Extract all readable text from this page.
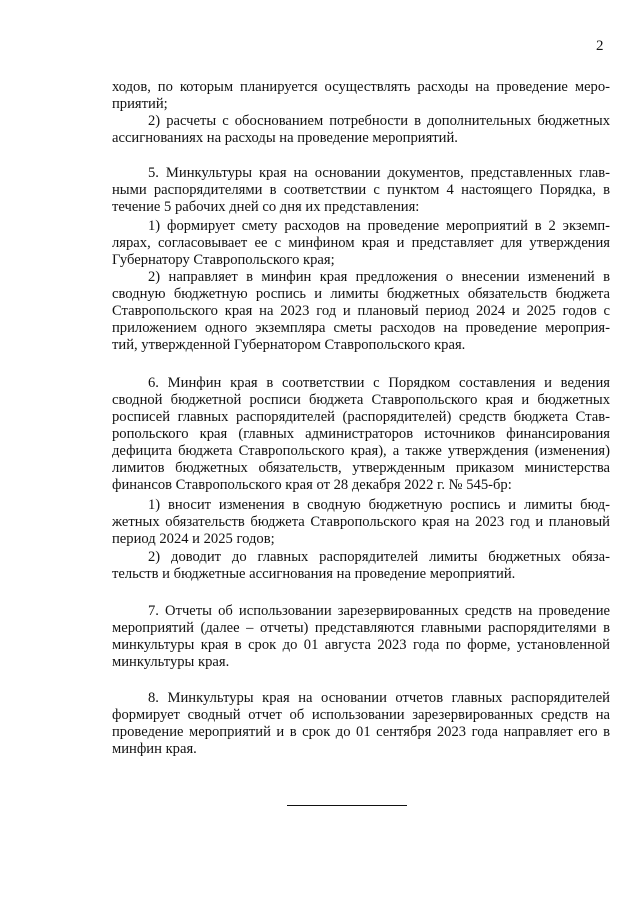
2
ходов, по которым планируется осуществлять расходы на проведение меро-
приятий;
2) расчеты с обоснованием потребности в дополнительных бюджетных
ассигнованиях на расходы на проведение мероприятий.
5. Минкультуры края на основании документов, представленных глав-
ными распорядителями в соответствии с пунктом 4 настоящего Порядка, в
течение 5 рабочих дней со дня их представления:
1) формирует смету расходов на проведение мероприятий в 2 экземп-
лярах, согласовывает ее с минфином края и представляет для утверждения
Губернатору Ставропольского края;
2) направляет в минфин края предложения о внесении изменений в
сводную бюджетную роспись и лимиты бюджетных обязательств бюджета
Ставропольского края на 2023 год и плановый период 2024 и 2025 годов с
приложением одного экземпляра сметы расходов на проведение мероприя-
тий, утвержденной Губернатором Ставропольского края.
6. Минфин края в соответствии с Порядком составления и ведения
сводной бюджетной росписи бюджета Ставропольского края и бюджетных
росписей главных распорядителей (распорядителей) средств бюджета Став-
ропольского края (главных администраторов источников финансирования
дефицита бюджета Ставропольского края), а также утверждения (изменения)
лимитов бюджетных обязательств, утвержденным приказом министерства
финансов Ставропольского края от 28 декабря 2022 г. № 545-бр:
1) вносит изменения в сводную бюджетную роспись и лимиты бюд-
жетных обязательств бюджета Ставропольского края на 2023 год и плановый
период 2024 и 2025 годов;
2) доводит до главных распорядителей лимиты бюджетных обяза-
тельств и бюджетные ассигнования на проведение мероприятий.
7. Отчеты об использовании зарезервированных средств на проведение
мероприятий (далее – отчеты) представляются главными распорядителями в
минкультуры края в срок до 01 августа 2023 года по форме, установленной
минкультуры края.
8. Минкультуры края на основании отчетов главных распорядителей
формирует сводный отчет об использовании зарезервированных средств на
проведение мероприятий и в срок до 01 сентября 2023 года направляет его в
минфин края.
